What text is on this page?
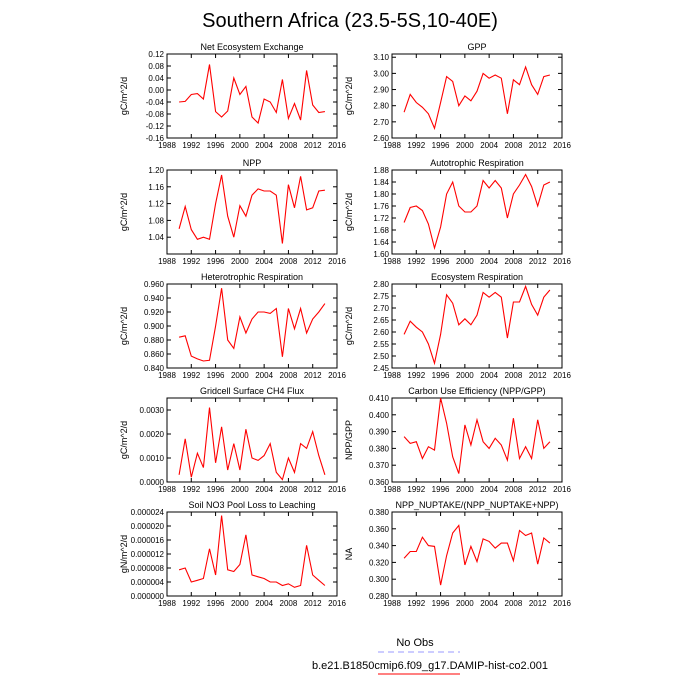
Southern Africa (23.5-5S,10-40E)
Net Ecosystem Exchange
gC/m^2/d
-0.16
-0.12
-0.08
-0.04
0.00
0.04
0.08
0.12
1988 1992 1996 2000 2004 2008 2012 2016
GPP
gC/m^2/d
2.60
2.70
2.80
2.90
3.00
3.10
1988 1992 1996 2000 2004 2008 2012 2016
NPP
gC/m^2/d
1.04
1.08
1.12
1.16
1.20
1988 1992 1996 2000 2004 2008 2012 2016
Autotrophic Respiration
gC/m^2/d
1.60
1.64
1.68
1.72
1.76
1.80
1.84
1.88
1988 1992 1996 2000 2004 2008 2012 2016
Heterotrophic Respiration
gC/m^2/d
0.840
0.860
0.880
0.900
0.920
0.940
0.960
1988 1992 1996 2000 2004 2008 2012 2016
Ecosystem Respiration
gC/m^2/d
2.45
2.50
2.55
2.60
2.65
2.70
2.75
2.80
1988 1992 1996 2000 2004 2008 2012 2016
Gridcell Surface CH4 Flux
gC/m^2/d
0.0000
0.0010
0.0020
0.0030
1988 1992 1996 2000 2004 2008 2012 2016
Carbon Use Efficiency (NPP/GPP)
NPP/GPP
0.360
0.370
0.380
0.390
0.400
0.410
1988 1992 1996 2000 2004 2008 2012 2016
Soil NO3 Pool Loss to Leaching
gN/m^2/d
0.000000
0.000004
0.000008
0.000012
0.000016
0.000020
0.000024
1988 1992 1996 2000 2004 2008 2012 2016
NPP_NUPTAKE/(NPP_NUPTAKE+NPP)
NA
0.280
0.300
0.320
0.340
0.360
0.380
1988 1992 1996 2000 2004 2008 2012 2016
No Obs
b.e21.B1850cmip6.f09_g17.DAMIP-hist-co2.001
